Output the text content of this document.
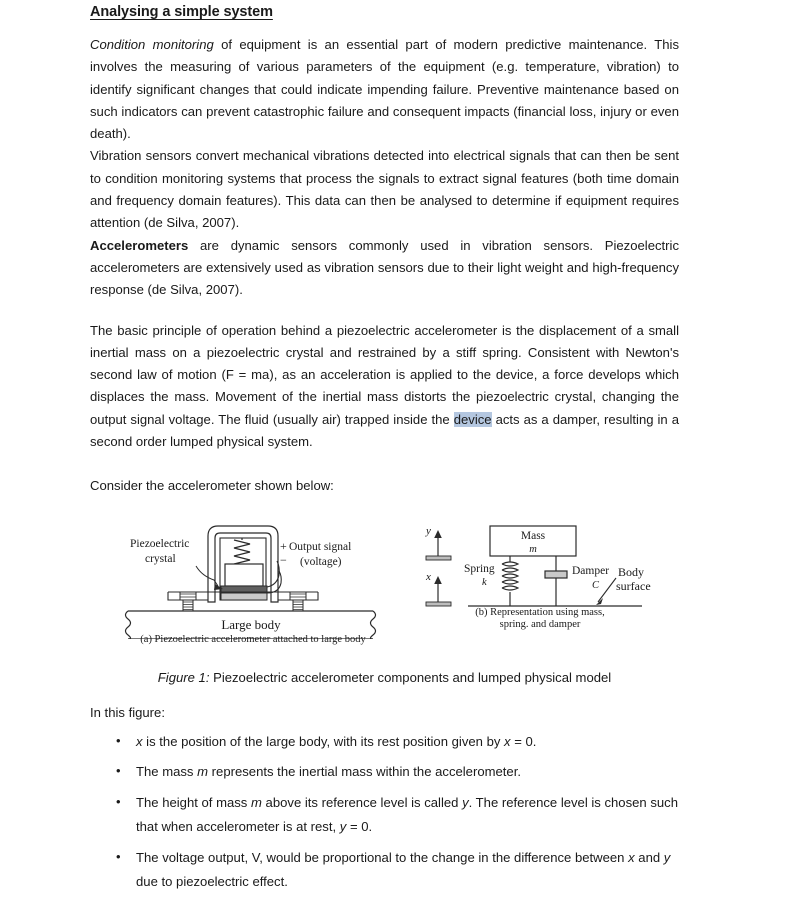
Analysing a simple system

Condition monitoring of equipment is an essential part of modern predictive maintenance. This involves the measuring of various parameters of the equipment (e.g. temperature, vibration) to identify significant changes that could indicate impending failure. Preventive maintenance based on such indicators can prevent catastrophic failure and consequent impacts (financial loss, injury or even death).

Vibration sensors convert mechanical vibrations detected into electrical signals that can then be sent to condition monitoring systems that process the signals to extract signal features (both time domain and frequency domain features). This data can then be analysed to determine if equipment requires attention (de Silva, 2007).

Accelerometers are dynamic sensors commonly used in vibration sensors. Piezoelectric accelerometers are extensively used as vibration sensors due to their light weight and high-frequency response (de Silva, 2007).

The basic principle of operation behind a piezoelectric accelerometer is the displacement of a small inertial mass on a piezoelectric crystal and restrained by a stiff spring. Consistent with Newton's second law of motion (F = ma), as an acceleration is applied to the device, a force develops which displaces the mass. Movement of the inertial mass distorts the piezoelectric crystal, changing the output signal voltage. The fluid (usually air) trapped inside the device acts as a damper, resulting in a second order lumped physical system.

Consider the accelerometer shown below:

Piezoelectric
crystal
+
−
Output signal
(voltage)
Large body
(a) Piezoelectric accelerometer attached to large body
y
x
Mass
m
Spring
k
Damper
C
Body
surface
(b) Representation using mass,
spring. and damper
Figure 1: Piezoelectric accelerometer components and lumped physical model

In this figure:

• x is the position of the large body, with its rest position given by x = 0.
• The mass m represents the inertial mass within the accelerometer.
• The height of mass m above its reference level is called y. The reference level is chosen such that when accelerometer is at rest, y = 0.
• The voltage output, V, would be proportional to the change in the difference between x and y due to piezoelectric effect.
